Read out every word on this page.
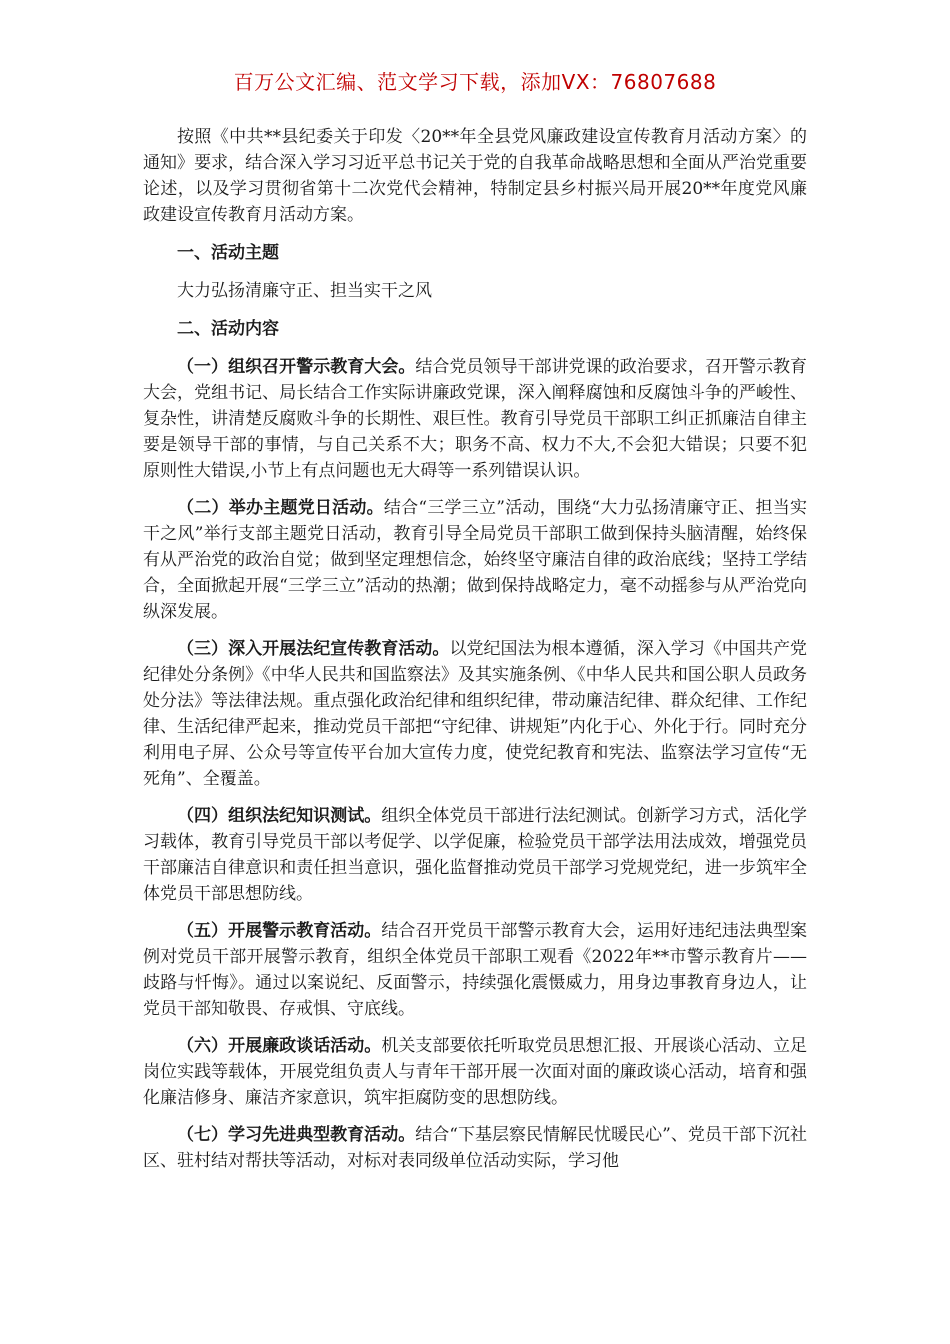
百万公文汇编、范文学习下载，添加VX：76807688

按照《中共**县纪委关于印发〈20**年全县党风廉政建设宣传教育月活动方案〉的通知》要求，结合深入学习习近平总书记关于党的自我革命战略思想和全面从严治党重要论述，以及学习贯彻省第十二次党代会精神，特制定县乡村振兴局开展20**年度党风廉政建设宣传教育月活动方案。

一、活动主题

大力弘扬清廉守正、担当实干之风

二、活动内容

（一）组织召开警示教育大会。结合党员领导干部讲党课的政治要求，召开警示教育大会，党组书记、局长结合工作实际讲廉政党课，深入阐释腐蚀和反腐蚀斗争的严峻性、复杂性，讲清楚反腐败斗争的长期性、艰巨性。教育引导党员干部职工纠正抓廉洁自律主要是领导干部的事情，与自己关系不大；职务不高、权力不大,不会犯大错误；只要不犯原则性大错误,小节上有点问题也无大碍等一系列错误认识。

（二）举办主题党日活动。结合“三学三立”活动，围绕“大力弘扬清廉守正、担当实干之风”举行支部主题党日活动，教育引导全局党员干部职工做到保持头脑清醒，始终保有从严治党的政治自觉；做到坚定理想信念，始终坚守廉洁自律的政治底线；坚持工学结合，全面掀起开展“三学三立”活动的热潮；做到保持战略定力，毫不动摇参与从严治党向纵深发展。

（三）深入开展法纪宣传教育活动。以党纪国法为根本遵循，深入学习《中国共产党纪律处分条例》《中华人民共和国监察法》及其实施条例、《中华人民共和国公职人员政务处分法》等法律法规。重点强化政治纪律和组织纪律，带动廉洁纪律、群众纪律、工作纪律、生活纪律严起来，推动党员干部把“守纪律、讲规矩”内化于心、外化于行。同时充分利用电子屏、公众号等宣传平台加大宣传力度，使党纪教育和宪法、监察法学习宣传“无死角”、全覆盖。

（四）组织法纪知识测试。组织全体党员干部进行法纪测试。创新学习方式，活化学习载体，教育引导党员干部以考促学、以学促廉，检验党员干部学法用法成效，增强党员干部廉洁自律意识和责任担当意识，强化监督推动党员干部学习党规党纪，进一步筑牢全体党员干部思想防线。

（五）开展警示教育活动。结合召开党员干部警示教育大会，运用好违纪违法典型案例对党员干部开展警示教育，组织全体党员干部职工观看《2022年**市警示教育片——歧路与忏悔》。通过以案说纪、反面警示，持续强化震慑威力，用身边事教育身边人，让党员干部知敬畏、存戒惧、守底线。

（六）开展廉政谈话活动。机关支部要依托听取党员思想汇报、开展谈心活动、立足岗位实践等载体，开展党组负责人与青年干部开展一次面对面的廉政谈心活动，培育和强化廉洁修身、廉洁齐家意识，筑牢拒腐防变的思想防线。

（七）学习先进典型教育活动。结合“下基层察民情解民忧暖民心”、党员干部下沉社区、驻村结对帮扶等活动，对标对表同级单位活动实际，学习他
